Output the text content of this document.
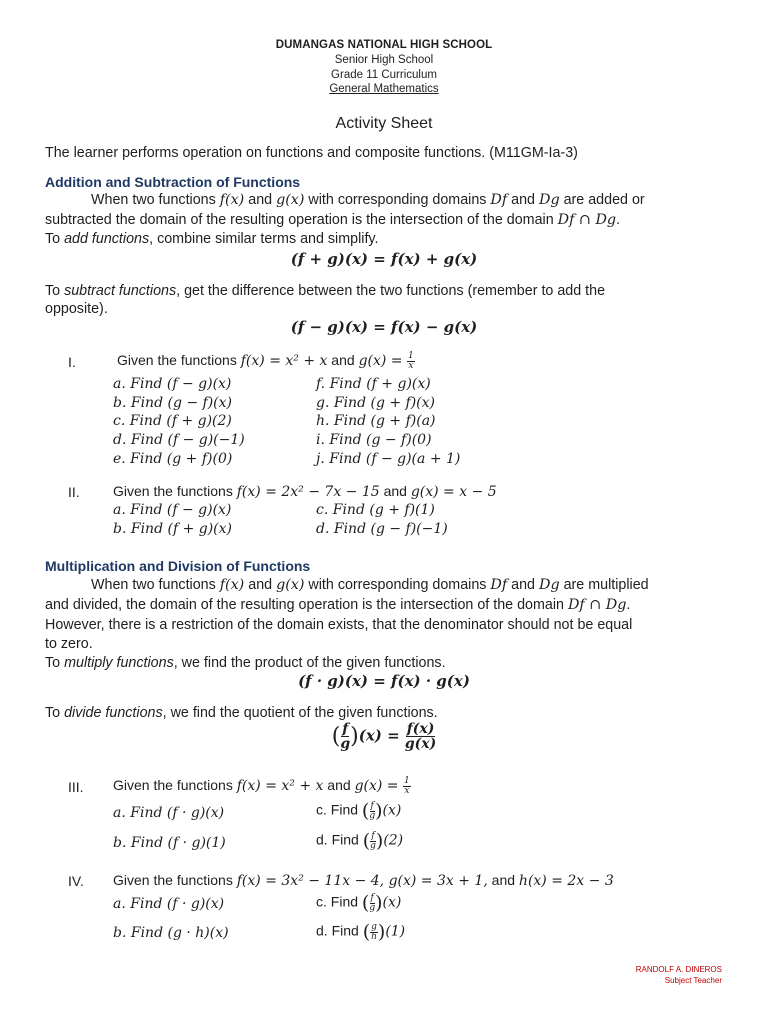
DUMANGAS NATIONAL HIGH SCHOOL
Senior High School
Grade 11 Curriculum
General Mathematics
Activity Sheet
The learner performs operation on functions and composite functions. (M11GM-Ia-3)
Addition and Subtraction of Functions
When two functions f(x) and g(x) with corresponding domains Df and Dg are added or
subtracted the domain of the resulting operation is the intersection of the domain Df ∩ Dg.
To add functions, combine similar terms and simplify.
(f + g)(x) = f(x) + g(x)
To subtract functions, get the difference between the two functions (remember to add the
opposite).
(f − g)(x) = f(x) − g(x)
I.	Given the functions f(x) = x² + x and $g(x) = \frac{1}{x}$
a. Find (f − g)(x)
b. Find (g − f)(x)
c. Find (f + g)(2)
d. Find (f − g)(−1)
e. Find (g + f)(0)
f. Find (f + g)(x)
g. Find (g + f)(x)
h. Find (g + f)(a)
i. Find (g − f)(0)
j. Find (f − g)(a + 1)
II. Given the functions f(x) = 2x² − 7x − 15 and g(x) = x − 5
a. Find (f − g)(x)
b. Find (f + g)(x)
c. Find (g + f)(1)
d. Find (g − f)(−1)
Multiplication and Division of Functions
When two functions f(x) and g(x) with corresponding domains Df and Dg are multiplied
and divided, the domain of the resulting operation is the intersection of the domain Df ∩ Dg.
However, there is a restriction of the domain exists, that the denominator should not be equal
to zero.
To multiply functions, we find the product of the given functions.
(f · g)(x) = f(x) · g(x)
To divide functions, we find the quotient of the given functions.
( $\frac{f}{g} )(x) = \frac{f(x)}{g(x)}$
III. Given the functions f(x) = x² + x and $g(x) = \frac{1}{x}$
a. Find (f · g)(x)
b. Find (f · g)(1)
c. Find ( $\frac{f}{g} )(x)$
d. Find ( $\frac{f}{g} )(2)$
IV. Given the functions f(x) = 3x² − 11x − 4, g(x) = 3x + 1, and h(x) = 2x − 3
a. Find (f · g)(x)
b. Find (g · h)(x)
c. Find ( $\frac{f}{g} )(x)$
d. Find ( $\frac{g}{h} )(1)$
RANDOLF A. DINEROS
Subject Teacher
